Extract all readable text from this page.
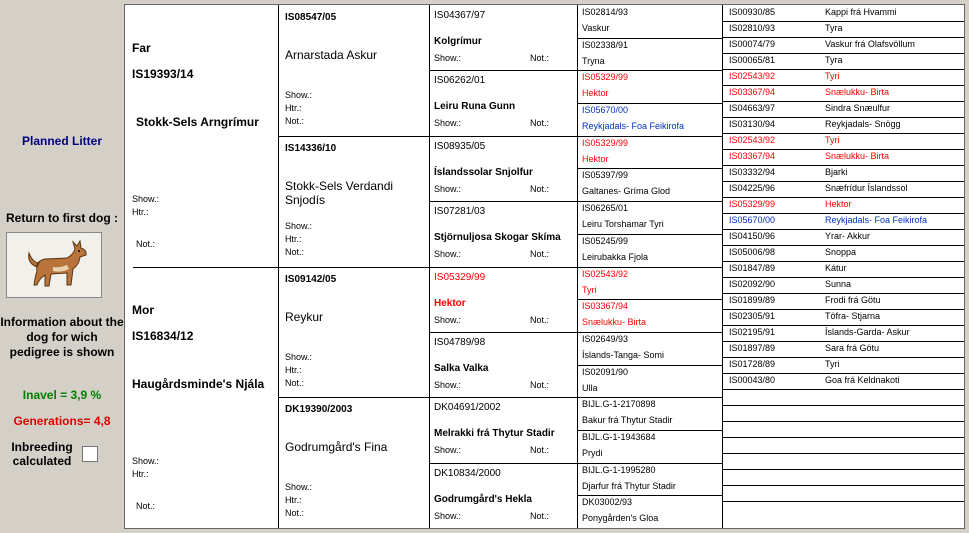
Planned Litter
Return to first dog :
Information about the dog for wich pedigree is shown
Inavel = 3,9 %
Generations= 4,8
Inbreeding calculated
Far
IS19393/14
Stokk-Sels Arngrímur
Show.:
Htr.:
Not.:
Mor
IS16834/12
Haugårdsminde's Njála
Show.:
Htr.:
Not.:
IS08547/05
Arnarstada Askur
Show.:
Htr.:
Not.:
IS14336/10
Stokk-Sels Verdandi
Snjodís
Show.:
Htr.:
Not.:
IS09142/05
Reykur
Show.:
Htr.:
Not.:
DK19390/2003
Godrumgård's Fina
Show.:
Htr.:
Not.:
IS04367/97
Kolgrímur
Show.:	Not.:
IS06262/01
Leiru Runa Gunn
Show.:	Not.:
IS08935/05
Íslandssolar Snjolfur
Show.:	Not.:
IS07281/03
Stjörnuljosa Skogar Skíma
Show.:	Not.:
IS05329/99
Hektor
Show.:	Not.:
IS04789/98
Salka Valka
Show.:	Not.:
DK04691/2002
Melrakki frá Thytur Stadir
Show.:	Not.:
DK10834/2000
Godrumgård's Hekla
Show.:	Not.:
IS02814/93
Vaskur
IS02338/91
Tryna
IS05329/99
Hektor
IS05670/00
Reykjadals- Foa Feikirofa
IS05329/99
Hektor
IS05397/99
Galtanes- Gríma Glod
IS06265/01
Leiru Torshamar Tyri
IS05245/99
Leirubakka Fjola
IS02543/92
Tyri
IS03367/94
Snælukku- Birta
IS02649/93
Íslands-Tanga- Somi
IS02091/90
Ulla
BIJL.G-1-2170898
Bakur frá Thytur Stadir
BIJL.G-1-1943684
Prydi
BIJL.G-1-1995280
Djarfur frá Thytur Stadir
DK03002/93
Ponygården's Gloa
IS00930/85	Kappi frá Hvammi
IS02810/93	Tyra
IS00074/79	Vaskur frá Olafsvöllum
IS00065/81	Tyra
IS02543/92	Tyri
IS03367/94	Snælukku- Birta
IS04663/97	Sindra Snæulfur
IS03130/94	Reykjadals- Snögg
IS02543/92	Tyri
IS03367/94	Snælukku- Birta
IS03332/94	Bjarki
IS04225/96	Snæfrídur Íslandssol
IS05329/99	Hektor
IS05670/00	Reykjadals- Foa Feikirofa
IS04150/96	Yrar- Akkur
IS05006/98	Snoppa
IS01847/89	Kátur
IS02092/90	Sunna
IS01899/89	Frodi frá Götu
IS02305/91	Töfra- Stjarna
IS02195/91	Íslands-Garda- Askur
IS01897/89	Sara frá Götu
IS01728/89	Tyri
IS00043/80	Goa frá Keldnakoti
